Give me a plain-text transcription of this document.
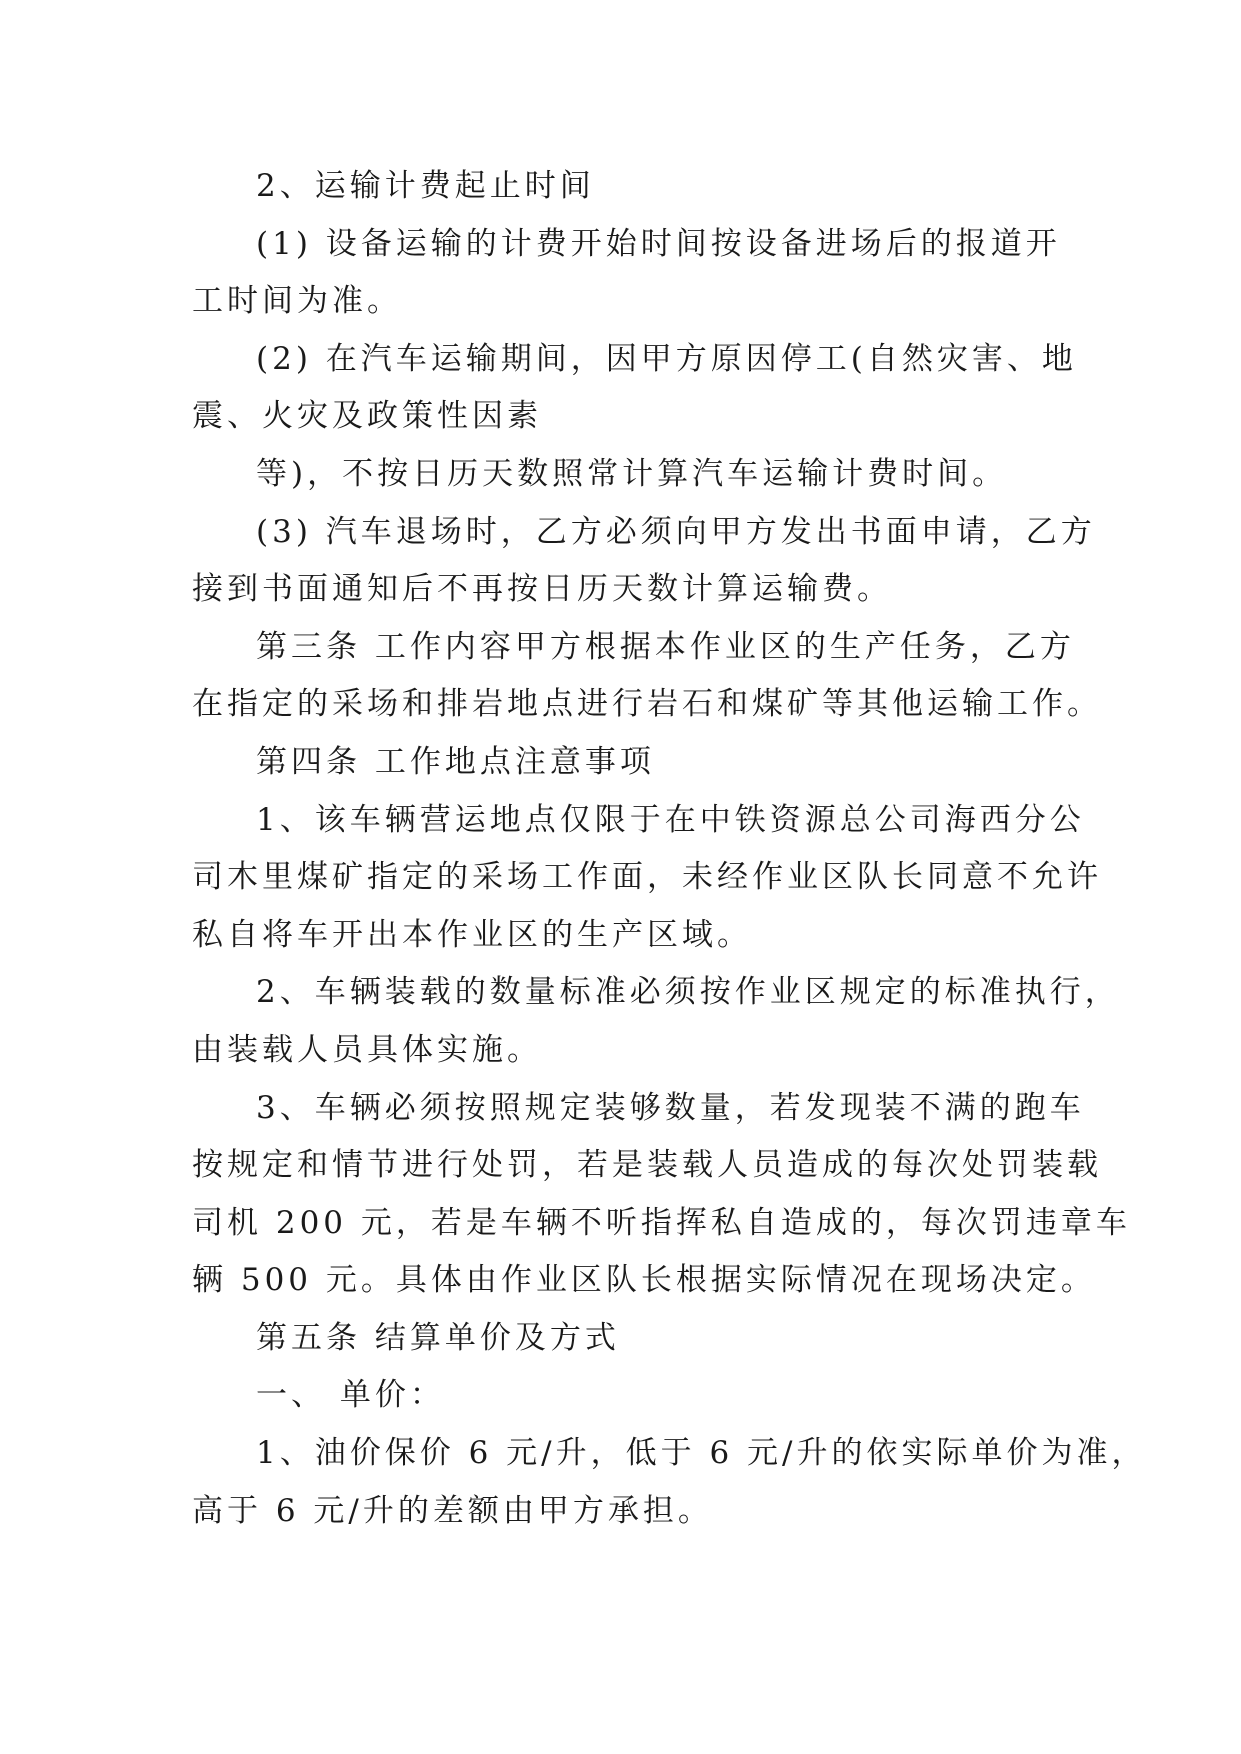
2、运输计费起止时间
(1) 设备运输的计费开始时间按设备进场后的报道开
工时间为准。
(2) 在汽车运输期间，因甲方原因停工(自然灾害、地
震、火灾及政策性因素
等)，不按日历天数照常计算汽车运输计费时间。
(3) 汽车退场时，乙方必须向甲方发出书面申请，乙方
接到书面通知后不再按日历天数计算运输费。
第三条 工作内容甲方根据本作业区的生产任务，乙方
在指定的采场和排岩地点进行岩石和煤矿等其他运输工作。
第四条 工作地点注意事项
1、该车辆营运地点仅限于在中铁资源总公司海西分公
司木里煤矿指定的采场工作面，未经作业区队长同意不允许
私自将车开出本作业区的生产区域。
2、车辆装载的数量标准必须按作业区规定的标准执行，
由装载人员具体实施。
3、车辆必须按照规定装够数量，若发现装不满的跑车
按规定和情节进行处罚，若是装载人员造成的每次处罚装载
司机 200 元，若是车辆不听指挥私自造成的，每次罚违章车
辆 500 元。具体由作业区队长根据实际情况在现场决定。
第五条 结算单价及方式
一、 单价：
1、油价保价 6 元/升，低于 6 元/升的依实际单价为准，
高于 6 元/升的差额由甲方承担。
